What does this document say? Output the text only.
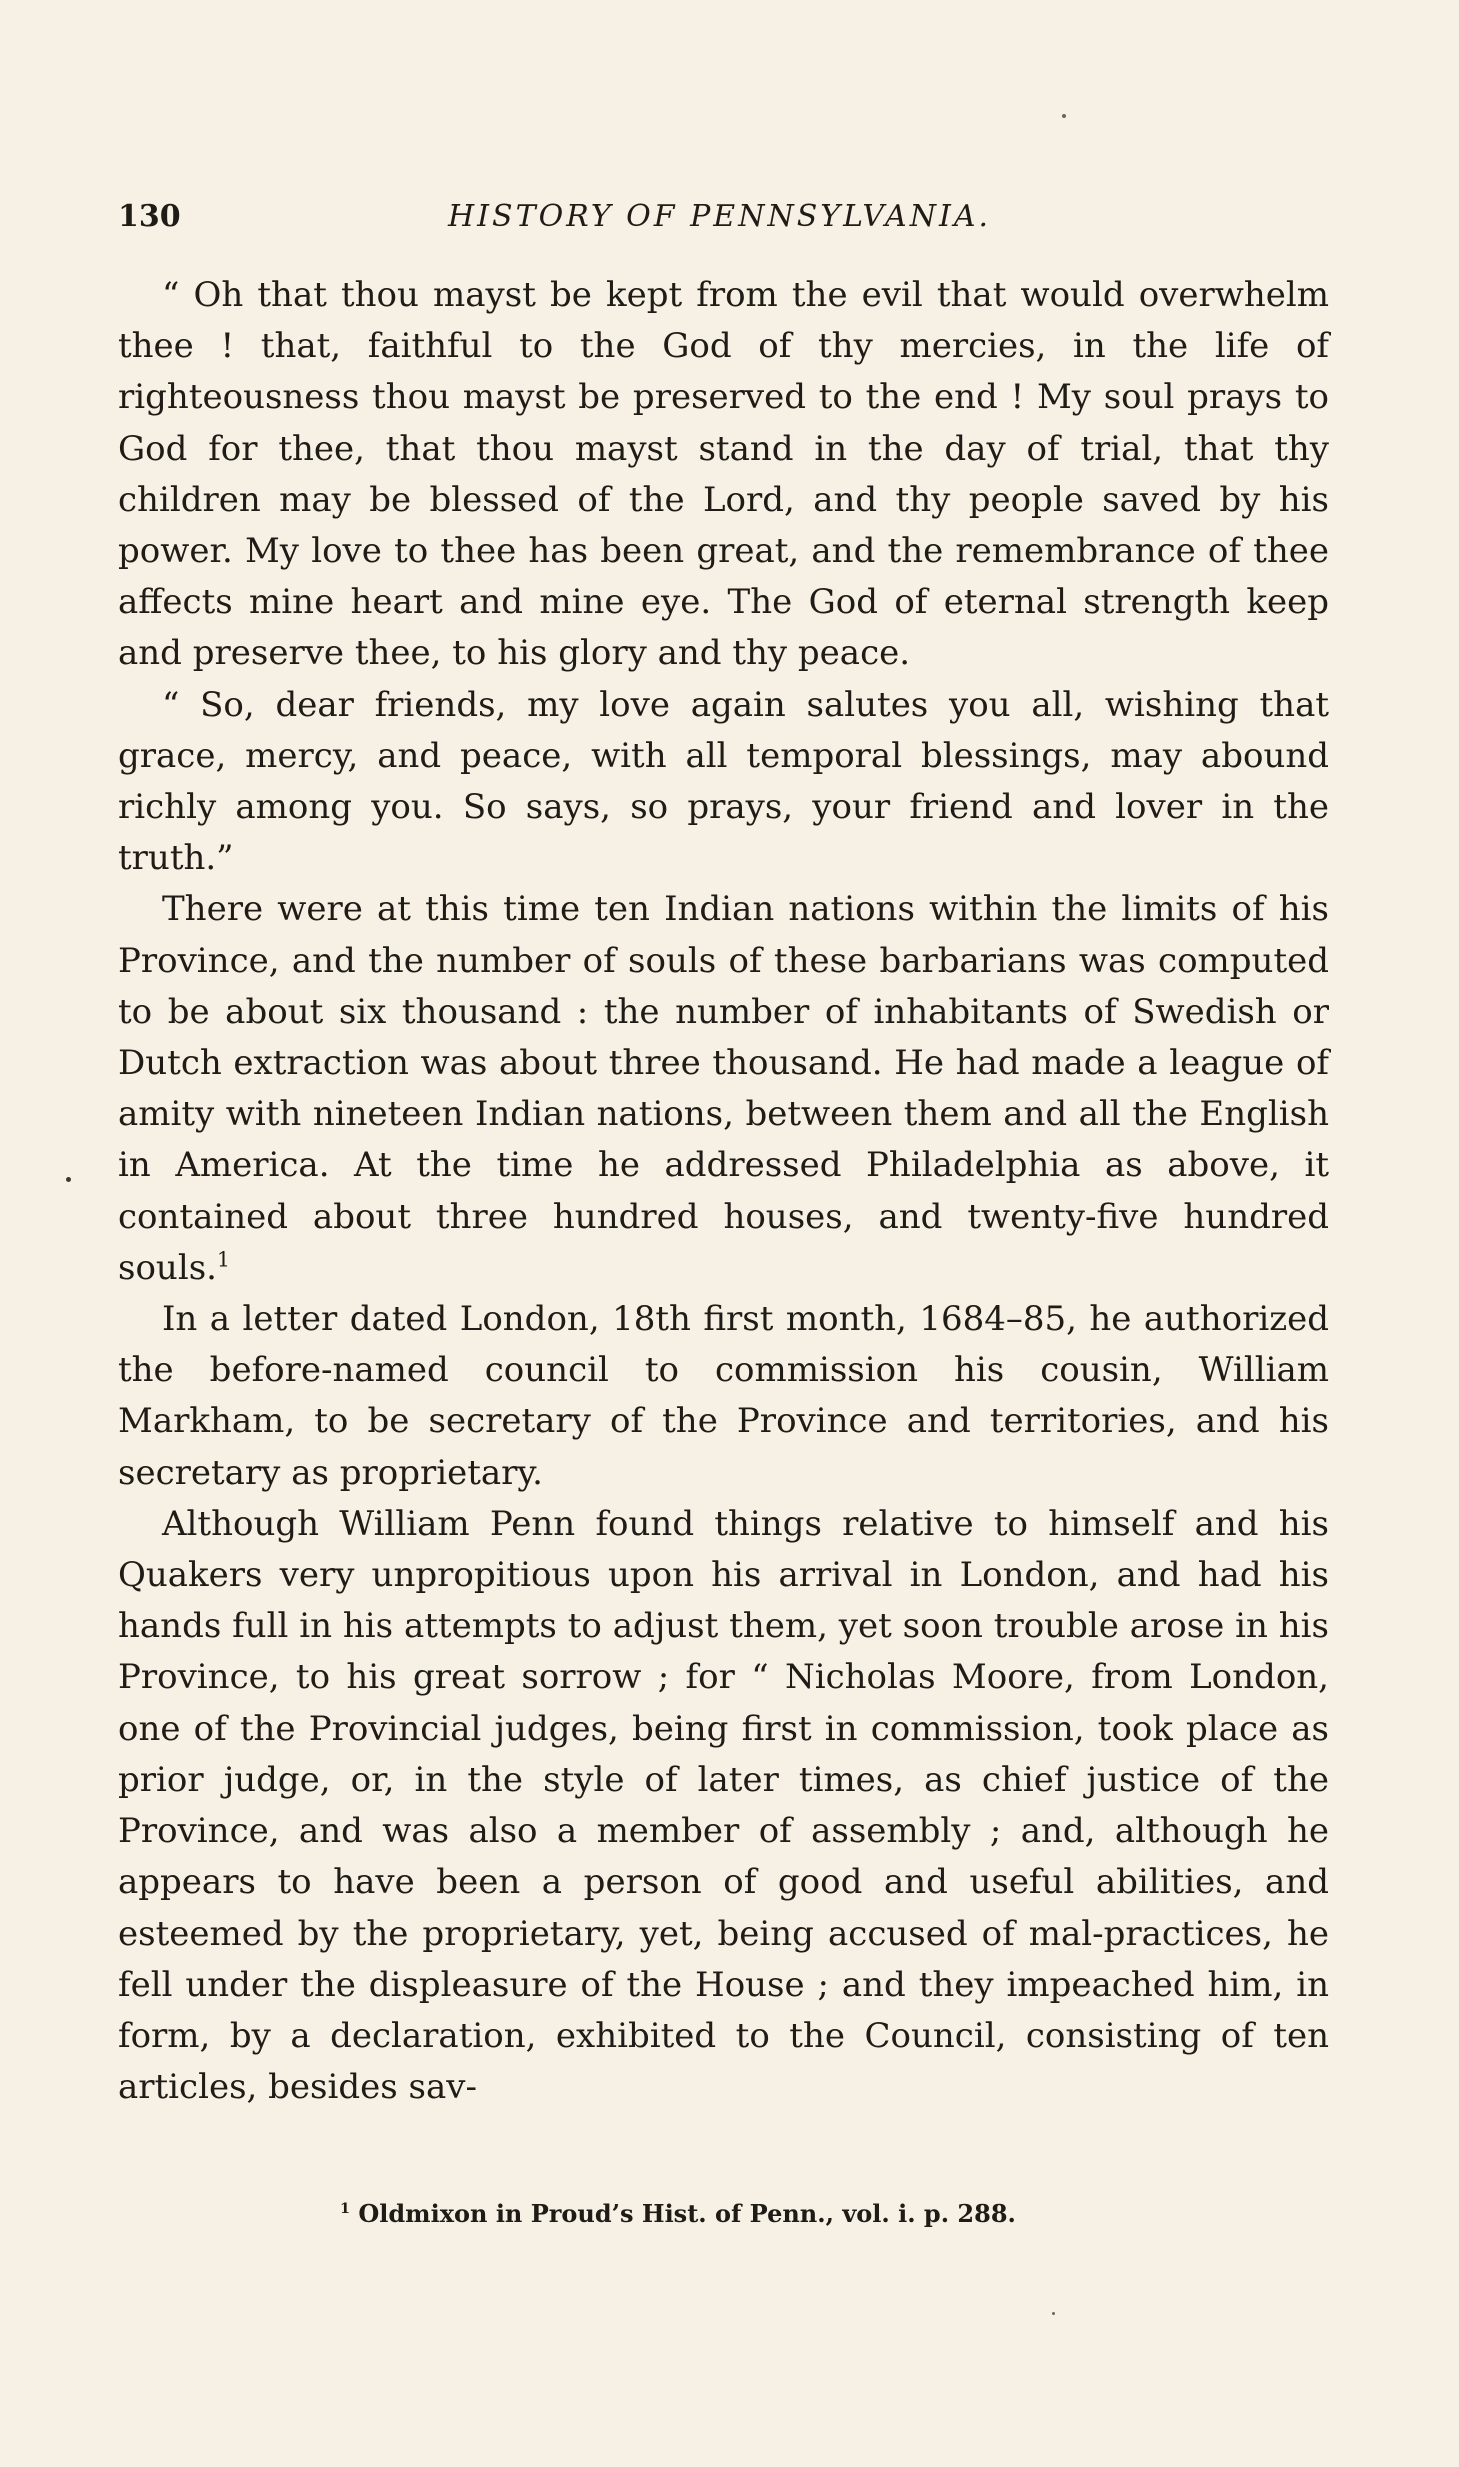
130	HISTORY OF PENNSYLVANIA.

“ Oh that thou mayst be kept from the evil that would overwhelm thee ! that, faithful to the God of thy mercies, in the life of righteousness thou mayst be preserved to the end ! My soul prays to God for thee, that thou mayst stand in the day of trial, that thy children may be blessed of the Lord, and thy people saved by his power. My love to thee has been great, and the remembrance of thee affects mine heart and mine eye. The God of eternal strength keep and preserve thee, to his glory and thy peace.

“ So, dear friends, my love again salutes you all, wishing that grace, mercy, and peace, with all temporal blessings, may abound richly among you. So says, so prays, your friend and lover in the truth.”

There were at this time ten Indian nations within the limits of his Province, and the number of souls of these barbarians was computed to be about six thousand : the number of inhabitants of Swedish or Dutch extraction was about three thousand. He had made a league of amity with nineteen Indian nations, between them and all the English in America. At the time he addressed Philadelphia as above, it contained about three hundred houses, and twenty-five hundred souls.$^1$

In a letter dated London, 18th first month, 1684–85, he authorized the before-named council to commission his cousin, William Markham, to be secretary of the Province and territories, and his secretary as proprietary.

Although William Penn found things relative to himself and his Quakers very unpropitious upon his arrival in London, and had his hands full in his attempts to adjust them, yet soon trouble arose in his Province, to his great sorrow ; for “ Nicholas Moore, from London, one of the Provincial judges, being first in commission, took place as prior judge, or, in the style of later times, as chief justice of the Province, and was also a member of assembly ; and, although he appears to have been a person of good and useful abilities, and esteemed by the proprietary, yet, being accused of mal-practices, he fell under the displeasure of the House ; and they impeached him, in form, by a declaration, exhibited to the Council, consisting of ten articles, besides sav-

$^1$ Oldmixon in Proud’s Hist. of Penn., vol. i. p. 288.
